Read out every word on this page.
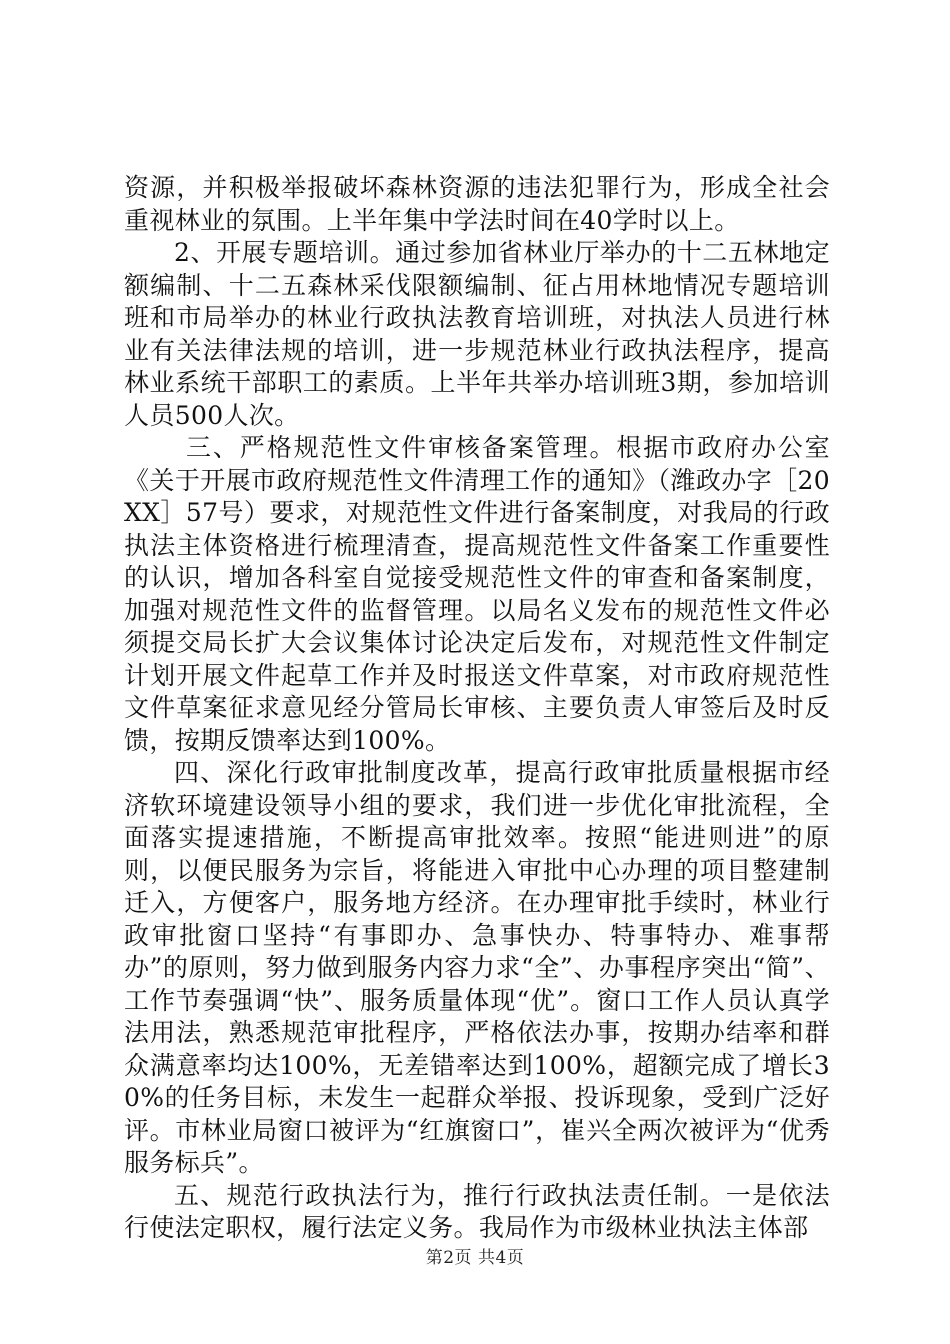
资源，并积极举报破坏森林资源的违法犯罪行为，形成全社会重视林业的氛围。上半年集中学法时间在40学时以上。

2、开展专题培训。通过参加省林业厅举办的十二五林地定额编制、十二五森林采伐限额编制、征占用林地情况专题培训班和市局举办的林业行政执法教育培训班，对执法人员进行林业有关法律法规的培训，进一步规范林业行政执法程序，提高林业系统干部职工的素质。上半年共举办培训班3期，参加培训人员500人次。

三、严格规范性文件审核备案管理。根据市政府办公室《关于开展市政府规范性文件清理工作的通知》（潍政办字［20XX］57号）要求，对规范性文件进行备案制度，对我局的行政执法主体资格进行梳理清查，提高规范性文件备案工作重要性的认识，增加各科室自觉接受规范性文件的审查和备案制度，加强对规范性文件的监督管理。以局名义发布的规范性文件必须提交局长扩大会议集体讨论决定后发布，对规范性文件制定计划开展文件起草工作并及时报送文件草案，对市政府规范性文件草案征求意见经分管局长审核、主要负责人审签后及时反馈，按期反馈率达到100%。

四、深化行政审批制度改革，提高行政审批质量根据市经济软环境建设领导小组的要求，我们进一步优化审批流程，全面落实提速措施，不断提高审批效率。按照“能进则进”的原则，以便民服务为宗旨，将能进入审批中心办理的项目整建制迁入，方便客户，服务地方经济。在办理审批手续时，林业行政审批窗口坚持“有事即办、急事快办、特事特办、难事帮办”的原则，努力做到服务内容力求“全”、办事程序突出“简”、工作节奏强调“快”、服务质量体现“优”。窗口工作人员认真学法用法，熟悉规范审批程序，严格依法办事，按期办结率和群众满意率均达100%，无差错率达到100%，超额完成了增长30%的任务目标，未发生一起群众举报、投诉现象，受到广泛好评。市林业局窗口被评为“红旗窗口”，崔兴全两次被评为“优秀服务标兵”。

五、规范行政执法行为，推行行政执法责任制。一是依法行使法定职权，履行法定义务。我局作为市级林业执法主体部

第2页 共4页
